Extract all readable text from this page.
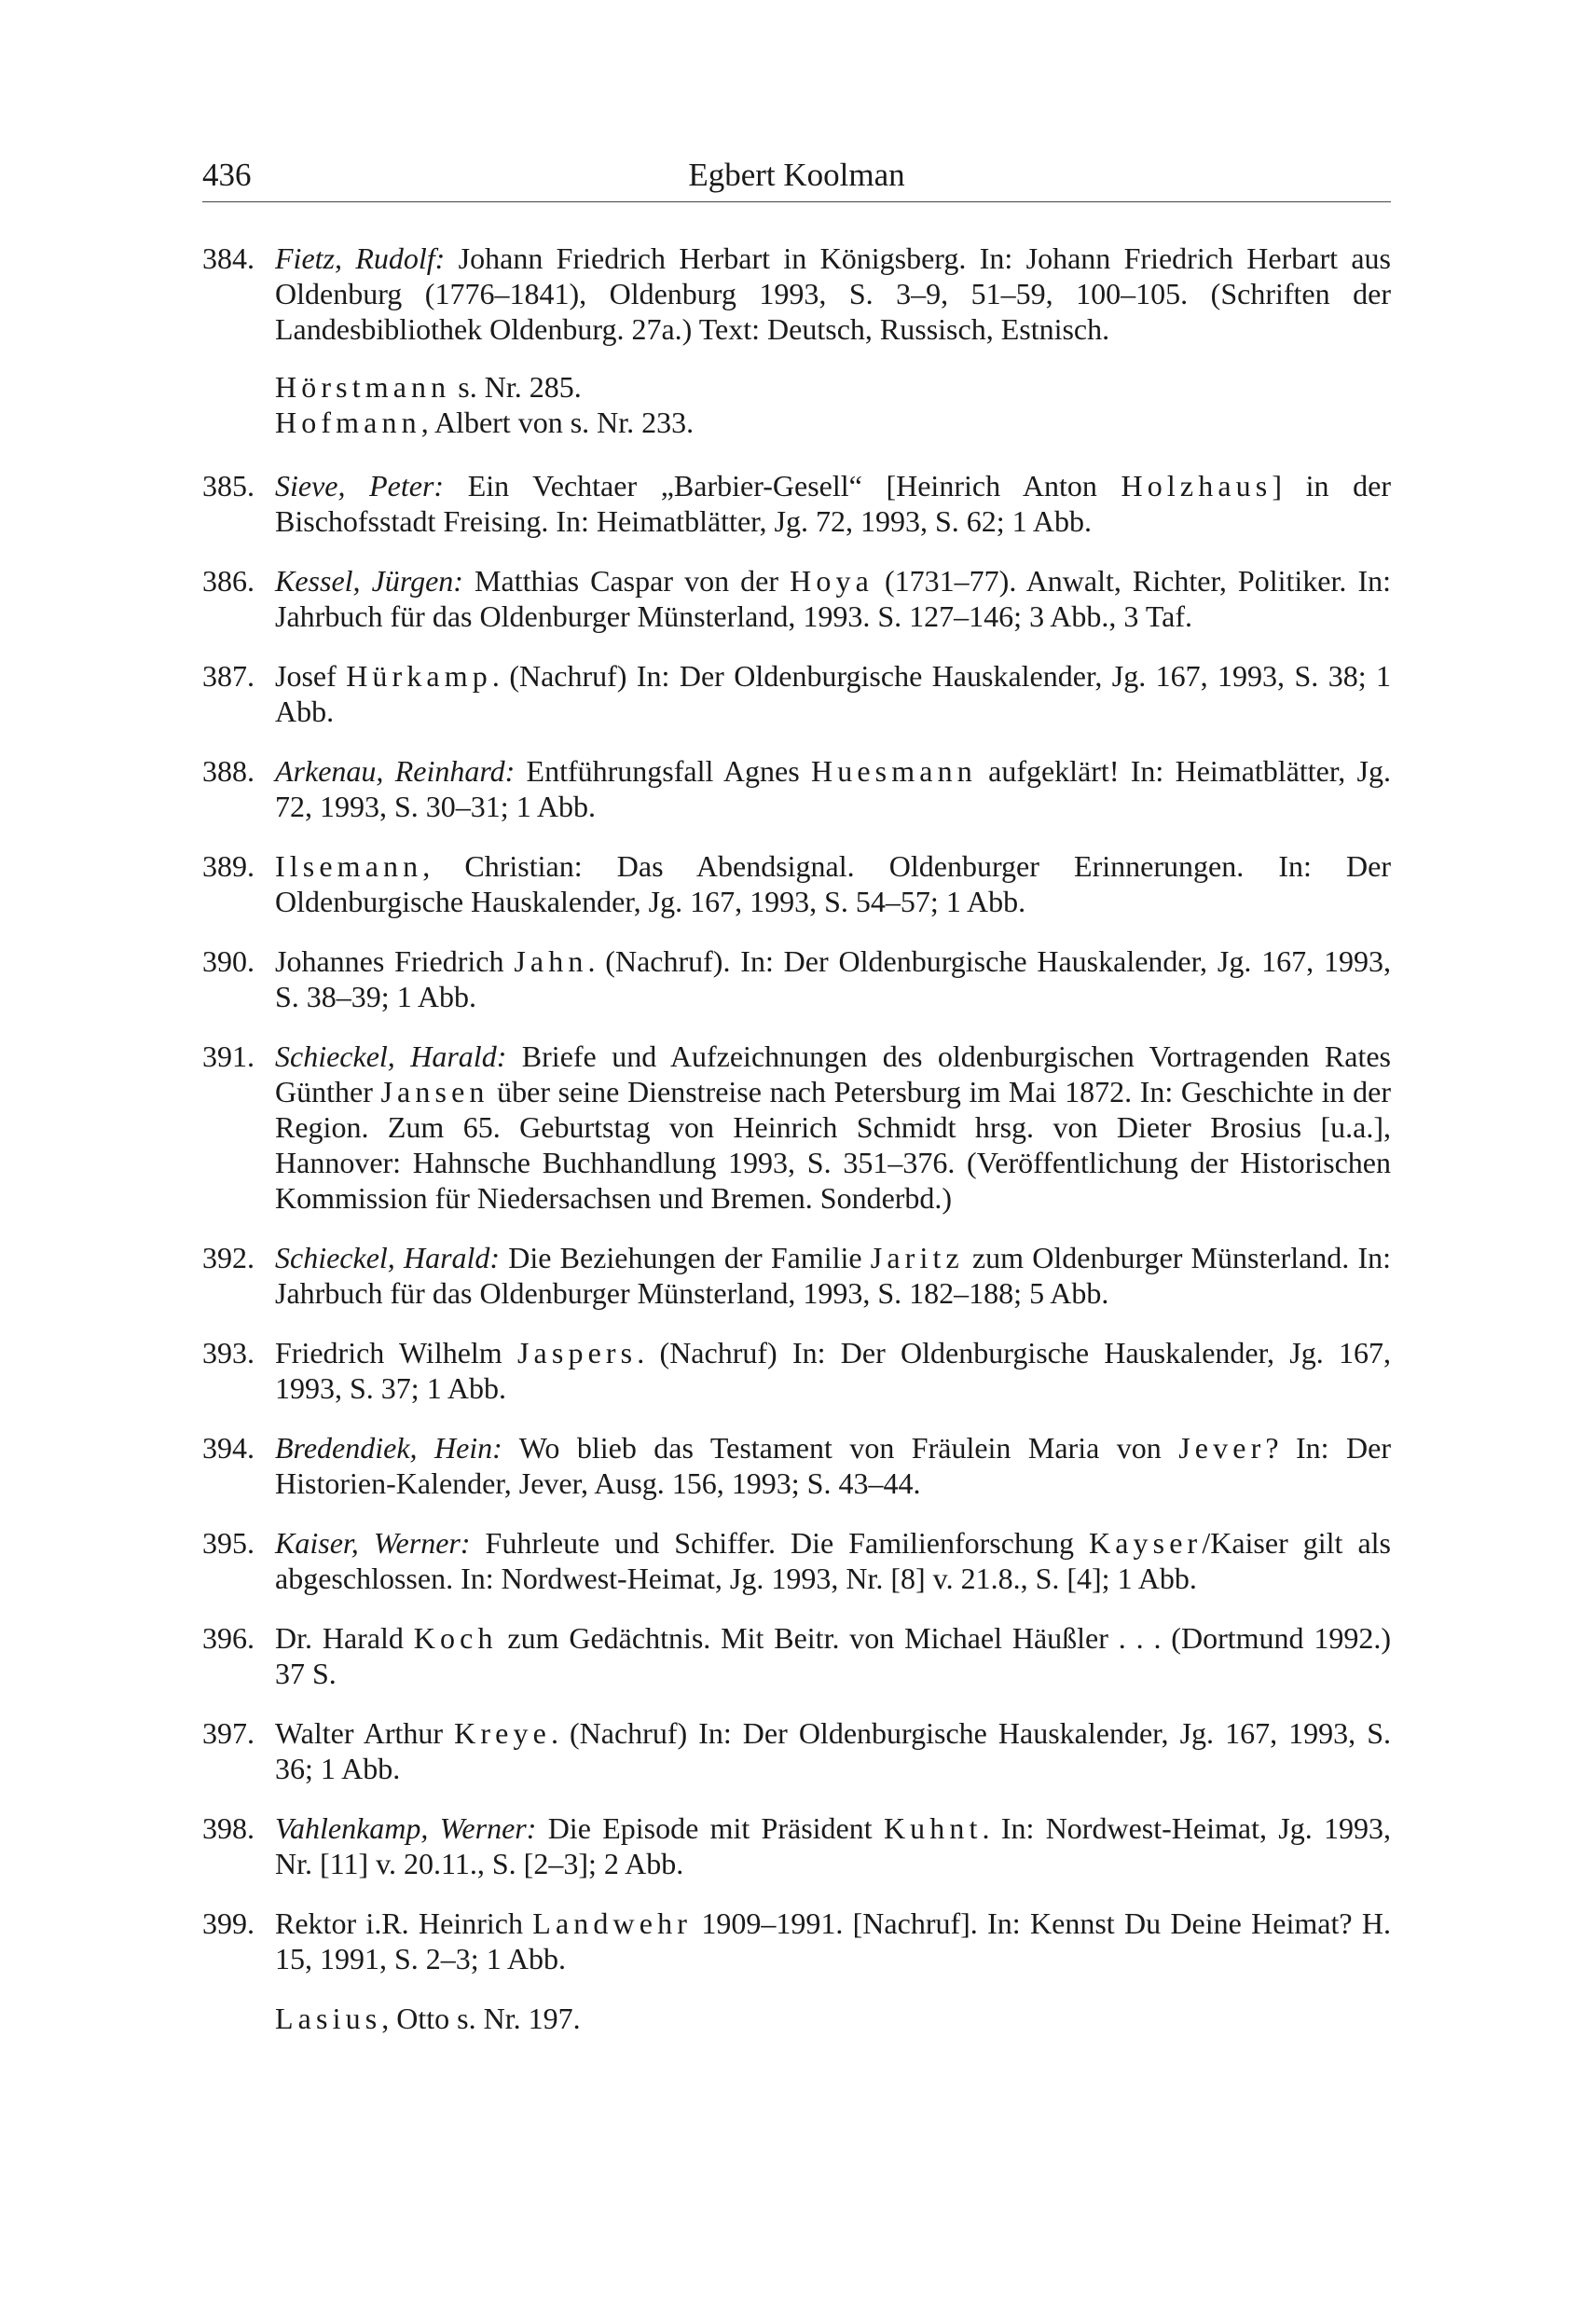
436	Egbert Koolman
384. Fietz, Rudolf: Johann Friedrich Herbart in Königsberg. In: Johann Friedrich Herbart aus Oldenburg (1776–1841), Oldenburg 1993, S. 3–9, 51–59, 100–105. (Schriften der Landesbibliothek Oldenburg. 27a.) Text: Deutsch, Russisch, Estnisch.
Hörstmann s. Nr. 285.
Hofmann, Albert von s. Nr. 233.
385. Sieve, Peter: Ein Vechtaer „Barbier-Gesell“ [Heinrich Anton Holzhaus] in der Bischofsstadt Freising. In: Heimatblätter, Jg. 72, 1993, S. 62; 1 Abb.
386. Kessel, Jürgen: Matthias Caspar von der Hoya (1731–77). Anwalt, Richter, Politiker. In: Jahrbuch für das Oldenburger Münsterland, 1993. S. 127–146; 3 Abb., 3 Taf.
387. Josef Hürkamp. (Nachruf) In: Der Oldenburgische Hauskalender, Jg. 167, 1993, S. 38; 1 Abb.
388. Arkenau, Reinhard: Entführungsfall Agnes Huesmann aufgeklärt! In: Heimatblätter, Jg. 72, 1993, S. 30–31; 1 Abb.
389. Ilsemann, Christian: Das Abendsignal. Oldenburger Erinnerungen. In: Der Oldenburgische Hauskalender, Jg. 167, 1993, S. 54–57; 1 Abb.
390. Johannes Friedrich Jahn. (Nachruf). In: Der Oldenburgische Hauskalender, Jg. 167, 1993, S. 38–39; 1 Abb.
391. Schieckel, Harald: Briefe und Aufzeichnungen des oldenburgischen Vortragenden Rates Günther Jansen über seine Dienstreise nach Petersburg im Mai 1872. In: Geschichte in der Region. Zum 65. Geburtstag von Heinrich Schmidt hrsg. von Dieter Brosius [u.a.], Hannover: Hahnsche Buchhandlung 1993, S. 351–376. (Veröffentlichung der Historischen Kommission für Niedersachsen und Bremen. Sonderbd.)
392. Schieckel, Harald: Die Beziehungen der Familie Jaritz zum Oldenburger Münsterland. In: Jahrbuch für das Oldenburger Münsterland, 1993, S. 182–188; 5 Abb.
393. Friedrich Wilhelm Jaspers. (Nachruf) In: Der Oldenburgische Hauskalender, Jg. 167, 1993, S. 37; 1 Abb.
394. Bredendiek, Hein: Wo blieb das Testament von Fräulein Maria von Jever? In: Der Historien-Kalender, Jever, Ausg. 156, 1993; S. 43–44.
395. Kaiser, Werner: Fuhrleute und Schiffer. Die Familienforschung Kayser/Kaiser gilt als abgeschlossen. In: Nordwest-Heimat, Jg. 1993, Nr. [8] v. 21.8., S. [4]; 1 Abb.
396. Dr. Harald Koch zum Gedächtnis. Mit Beitr. von Michael Häußler . . . (Dortmund 1992.) 37 S.
397. Walter Arthur Kreye. (Nachruf) In: Der Oldenburgische Hauskalender, Jg. 167, 1993, S. 36; 1 Abb.
398. Vahlenkamp, Werner: Die Episode mit Präsident Kuhnt. In: Nordwest-Heimat, Jg. 1993, Nr. [11] v. 20.11., S. [2–3]; 2 Abb.
399. Rektor i.R. Heinrich Landwehr 1909–1991. [Nachruf]. In: Kennst Du Deine Heimat? H. 15, 1991, S. 2–3; 1 Abb.
Lasius, Otto s. Nr. 197.
